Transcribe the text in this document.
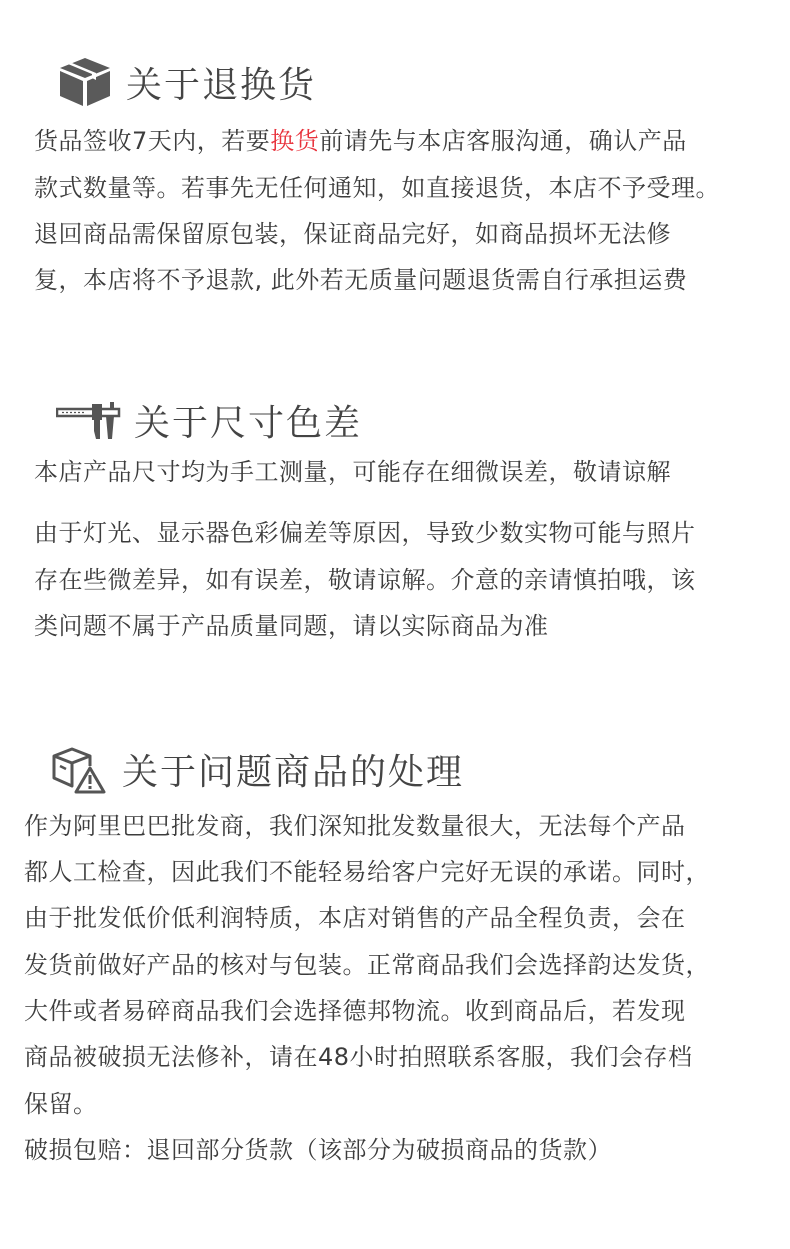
关于退换货
货品签收7天内，若要换货前请先与本店客服沟通，确认产品
款式数量等。若事先无任何通知，如直接退货，本店不予受理。
退回商品需保留原包装，保证商品完好，如商品损坏无法修
复，本店将不予退款, 此外若无质量问题退货需自行承担运费
关于尺寸色差
本店产品尺寸均为手工测量，可能存在细微误差，敬请谅解
由于灯光、显示器色彩偏差等原因，导致少数实物可能与照片
存在些微差异，如有误差，敬请谅解。介意的亲请慎拍哦，该
类问题不属于产品质量同题，请以实际商品为准
关于问题商品的处理
作为阿里巴巴批发商，我们深知批发数量很大，无法每个产品
都人工检查，因此我们不能轻易给客户完好无误的承诺。同时，
由于批发低价低利润特质，本店对销售的产品全程负责，会在
发货前做好产品的核对与包装。正常商品我们会选择韵达发货，
大件或者易碎商品我们会选择德邦物流。收到商品后，若发现
商品被破损无法修补，请在48小时拍照联系客服，我们会存档
保留。
破损包赔：退回部分货款（该部分为破损商品的货款）
